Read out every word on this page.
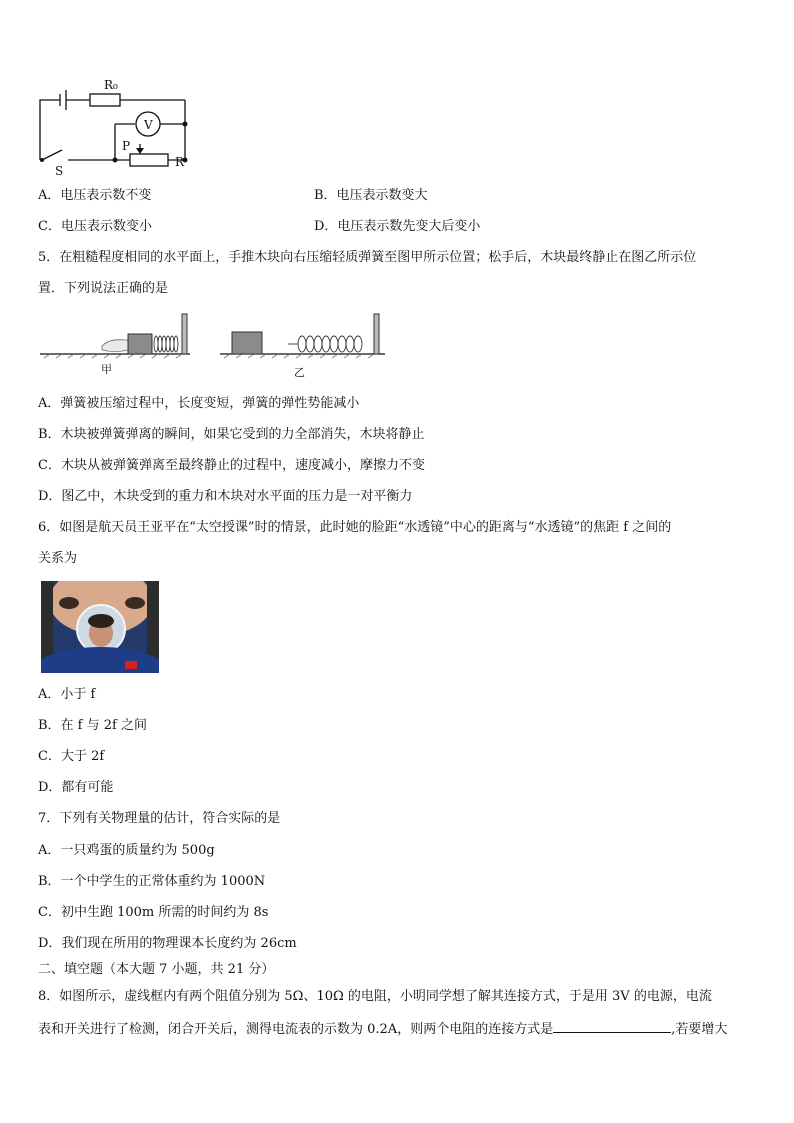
R₀
V
P
R
S
A．电压表示数不变	B．电压表示数变大
C．电压表示数变小	D．电压表示数先变大后变小
5．在粗糙程度相同的水平面上，手推木块向右压缩轻质弹簧至图甲所示位置；松手后，木块最终静止在图乙所示位
置．下列说法正确的是
甲	乙
A．弹簧被压缩过程中，长度变短，弹簧的弹性势能减小
B．木块被弹簧弹离的瞬间，如果它受到的力全部消失，木块将静止
C．木块从被弹簧弹离至最终静止的过程中，速度减小，摩擦力不变
D．图乙中，木块受到的重力和木块对水平面的压力是一对平衡力
6．如图是航天员王亚平在“太空授课”时的情景，此时她的脸距“水透镜”中心的距离与“水透镜”的焦距 f 之间的
关系为
A．小于 f
B．在 f 与 2f 之间
C．大于 2f
D．都有可能
7．下列有关物理量的估计，符合实际的是
A．一只鸡蛋的质量约为 500g
B．一个中学生的正常体重约为 1000N
C．初中生跑 100m 所需的时间约为 8s
D．我们现在所用的物理课本长度约为 26cm
二、填空题（本大题 7 小题，共 21 分）
8．如图所示，虚线框内有两个阻值分别为 5Ω、10Ω 的电阻，小明同学想了解其连接方式，于是用 3V 的电源，电流
表和开关进行了检测，闭合开关后，测得电流表的示数为 0.2A，则两个电阻的连接方式是	,若要增大
